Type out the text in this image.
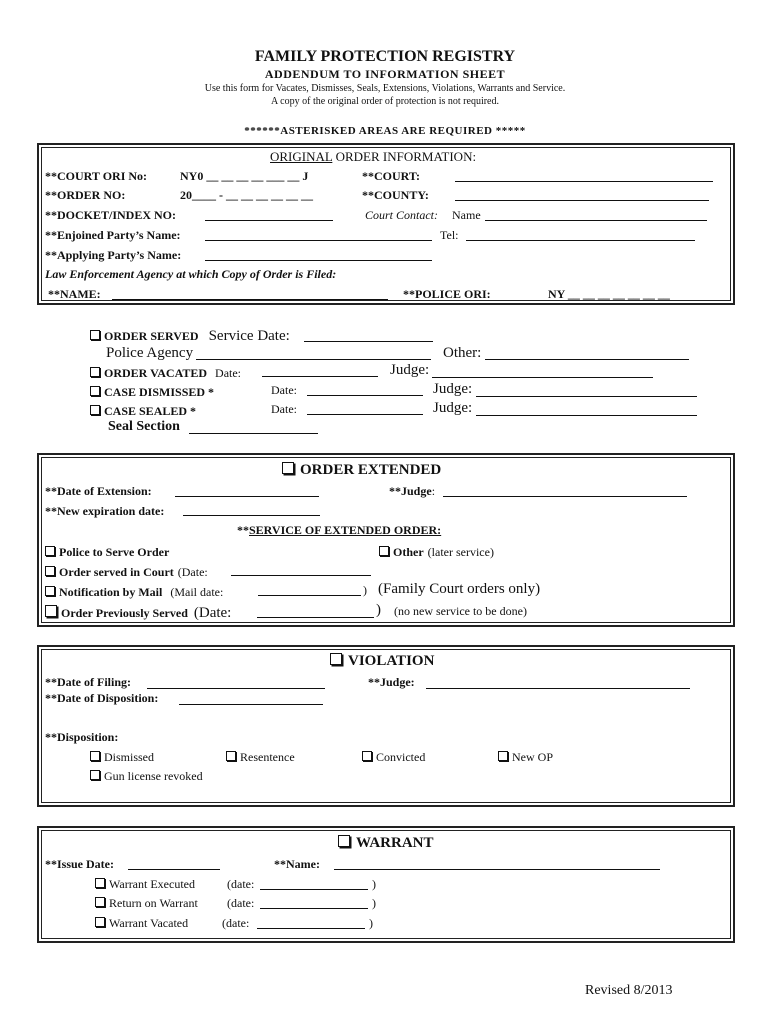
FAMILY PROTECTION REGISTRY
ADDENDUM TO INFORMATION SHEET
Use this form for Vacates, Dismisses, Seals, Extensions, Violations, Warrants and Service.
A copy of the original order of protection is not required.
******ASTERISKED AREAS ARE REQUIRED *****
ORIGINAL ORDER INFORMATION:
**COURT ORI No:	NY0 __ __ __ __ ___ __ J	**COURT:
**ORDER NO:	20____ - __ __ __ __ __ __	**COUNTY:
**DOCKET/INDEX NO:	Court Contact: Name
**Enjoined Party’s Name:	Tel:
**Applying Party’s Name:
Law Enforcement Agency at which Copy of Order is Filed:
**NAME:	**POLICE ORI:	NY __ __ __ __ __ __ __
ORDER SERVED Service Date:
Police Agency	Other:
ORDER VACATED Date:	Judge:
CASE DISMISSED *	Date:	Judge:
CASE SEALED *	Date:	Judge:
Seal Section
ORDER EXTENDED
**Date of Extension:	**Judge:
**New expiration date:
**SERVICE OF EXTENDED ORDER:
Police to Serve Order	Other (later service)
Order served in Court (Date:
Notification by Mail (Mail date:	) (Family Court orders only)
Order Previously Served (Date:	) (no new service to be done)
VIOLATION
**Date of Filing:	**Judge:
**Date of Disposition:
**Disposition:
Dismissed	Resentence	Convicted	New OP
Gun license revoked
WARRANT
**Issue Date:	**Name:
Warrant Executed	(date:	)
Return on Warrant (date:	)
Warrant Vacated	(date:	)
Revised 8/2013
